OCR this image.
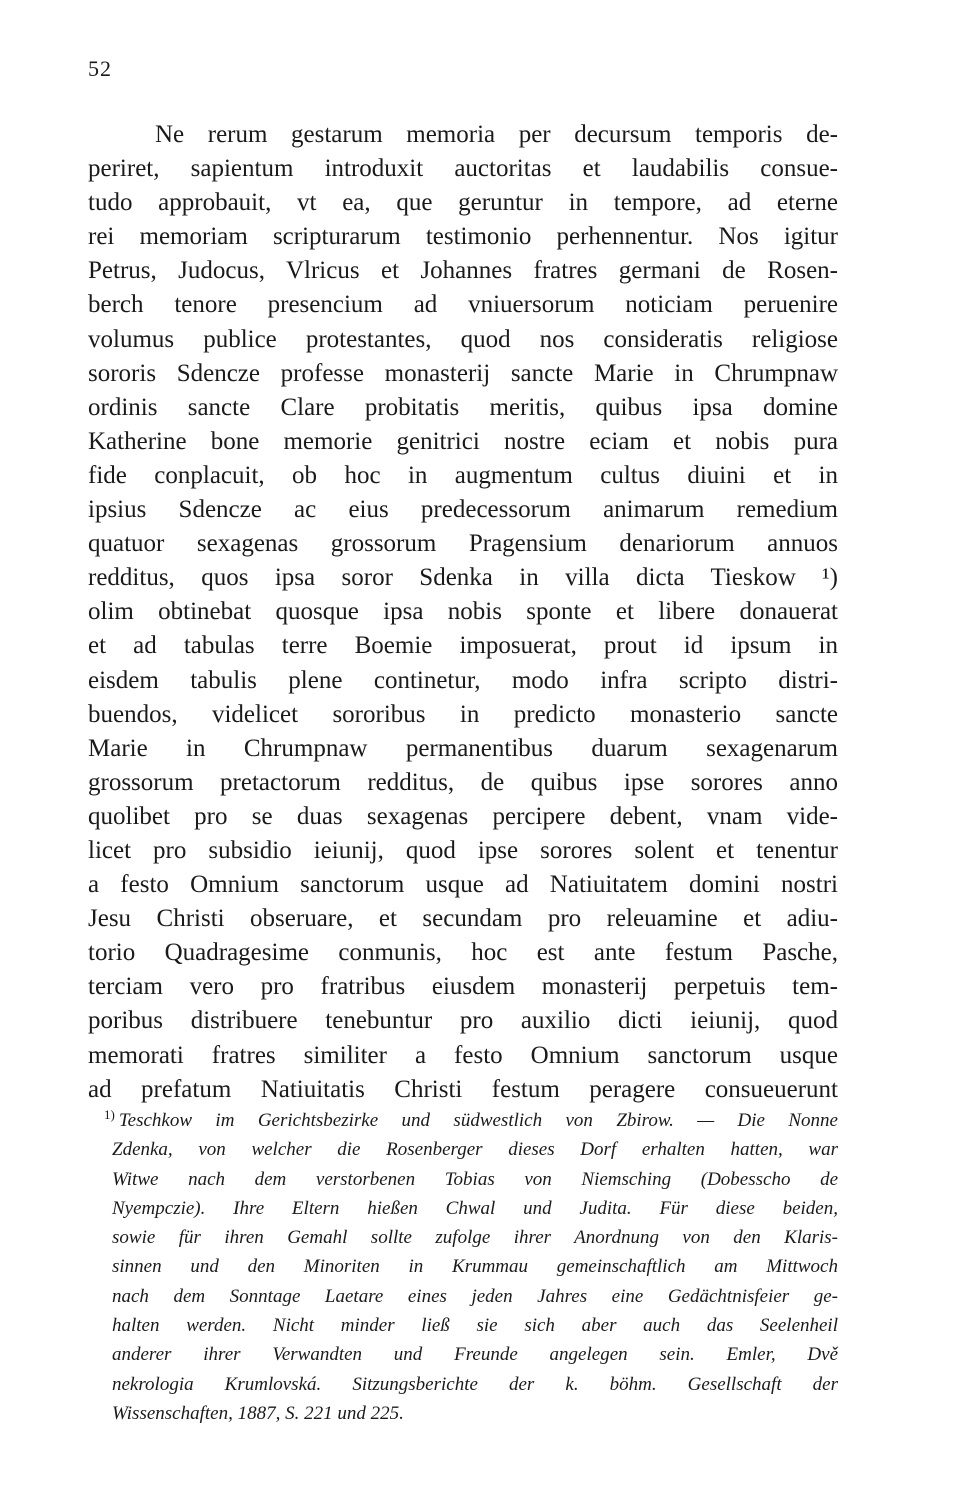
52
Ne rerum gestarum memoria per decursum temporis de-
periret, sapientum introduxit auctoritas et laudabilis consue-
tudo approbauit, vt ea, que geruntur in tempore, ad eterne
rei memoriam scripturarum testimonio perhennentur. Nos igitur
Petrus, Judocus, Vlricus et Johannes fratres germani de Rosen-
berch tenore presencium ad vniuersorum noticiam peruenire
volumus publice protestantes, quod nos consideratis religiose
sororis Sdencze professe monasterij sancte Marie in Chrumpnaw
ordinis sancte Clare probitatis meritis, quibus ipsa domine
Katherine bone memorie genitrici nostre eciam et nobis pura
fide conplacuit, ob hoc in augmentum cultus diuini et in
ipsius Sdencze ac eius predecessorum animarum remedium
quatuor sexagenas grossorum Pragensium denariorum annuos
redditus, quos ipsa soror Sdenka in villa dicta Tieskow ¹)
olim obtinebat quosque ipsa nobis sponte et libere donauerat
et ad tabulas terre Boemie imposuerat, prout id ipsum in
eisdem tabulis plene continetur, modo infra scripto distri-
buendos, videlicet sororibus in predicto monasterio sancte
Marie in Chrumpnaw permanentibus duarum sexagenarum
grossorum pretactorum redditus, de quibus ipse sorores anno
quolibet pro se duas sexagenas percipere debent, vnam vide-
licet pro subsidio ieiunij, quod ipse sorores solent et tenentur
a festo Omnium sanctorum usque ad Natiuitatem domini nostri
Jesu Christi obseruare, et secundam pro releuamine et adiu-
torio Quadragesime conmunis, hoc est ante festum Pasche,
terciam vero pro fratribus eiusdem monasterij perpetuis tem-
poribus distribuere tenebuntur pro auxilio dicti ieiunij, quod
memorati fratres similiter a festo Omnium sanctorum usque
ad prefatum Natiuitatis Christi festum peragere consueuerunt
$^{1)}$ Teschkow im Gerichtsbezirke und südwestlich von Zbirow. — Die Nonne
Zdenka, von welcher die Rosenberger dieses Dorf erhalten hatten, war
Witwe nach dem verstorbenen Tobias von Niemsching (Dobesscho de
Nyempczie). Ihre Eltern hießen Chwal und Judita. Für diese beiden,
sowie für ihren Gemahl sollte zufolge ihrer Anordnung von den Klaris-
sinnen und den Minoriten in Krummau gemeinschaftlich am Mittwoch
nach dem Sonntage Laetare eines jeden Jahres eine Gedächtnisfeier ge-
halten werden. Nicht minder ließ sie sich aber auch das Seelenheil
anderer ihrer Verwandten und Freunde angelegen sein. Emler, Dvě
nekrologia Krumlovská. Sitzungsberichte der k. böhm. Gesellschaft der
Wissenschaften, 1887, S. 221 und 225.
